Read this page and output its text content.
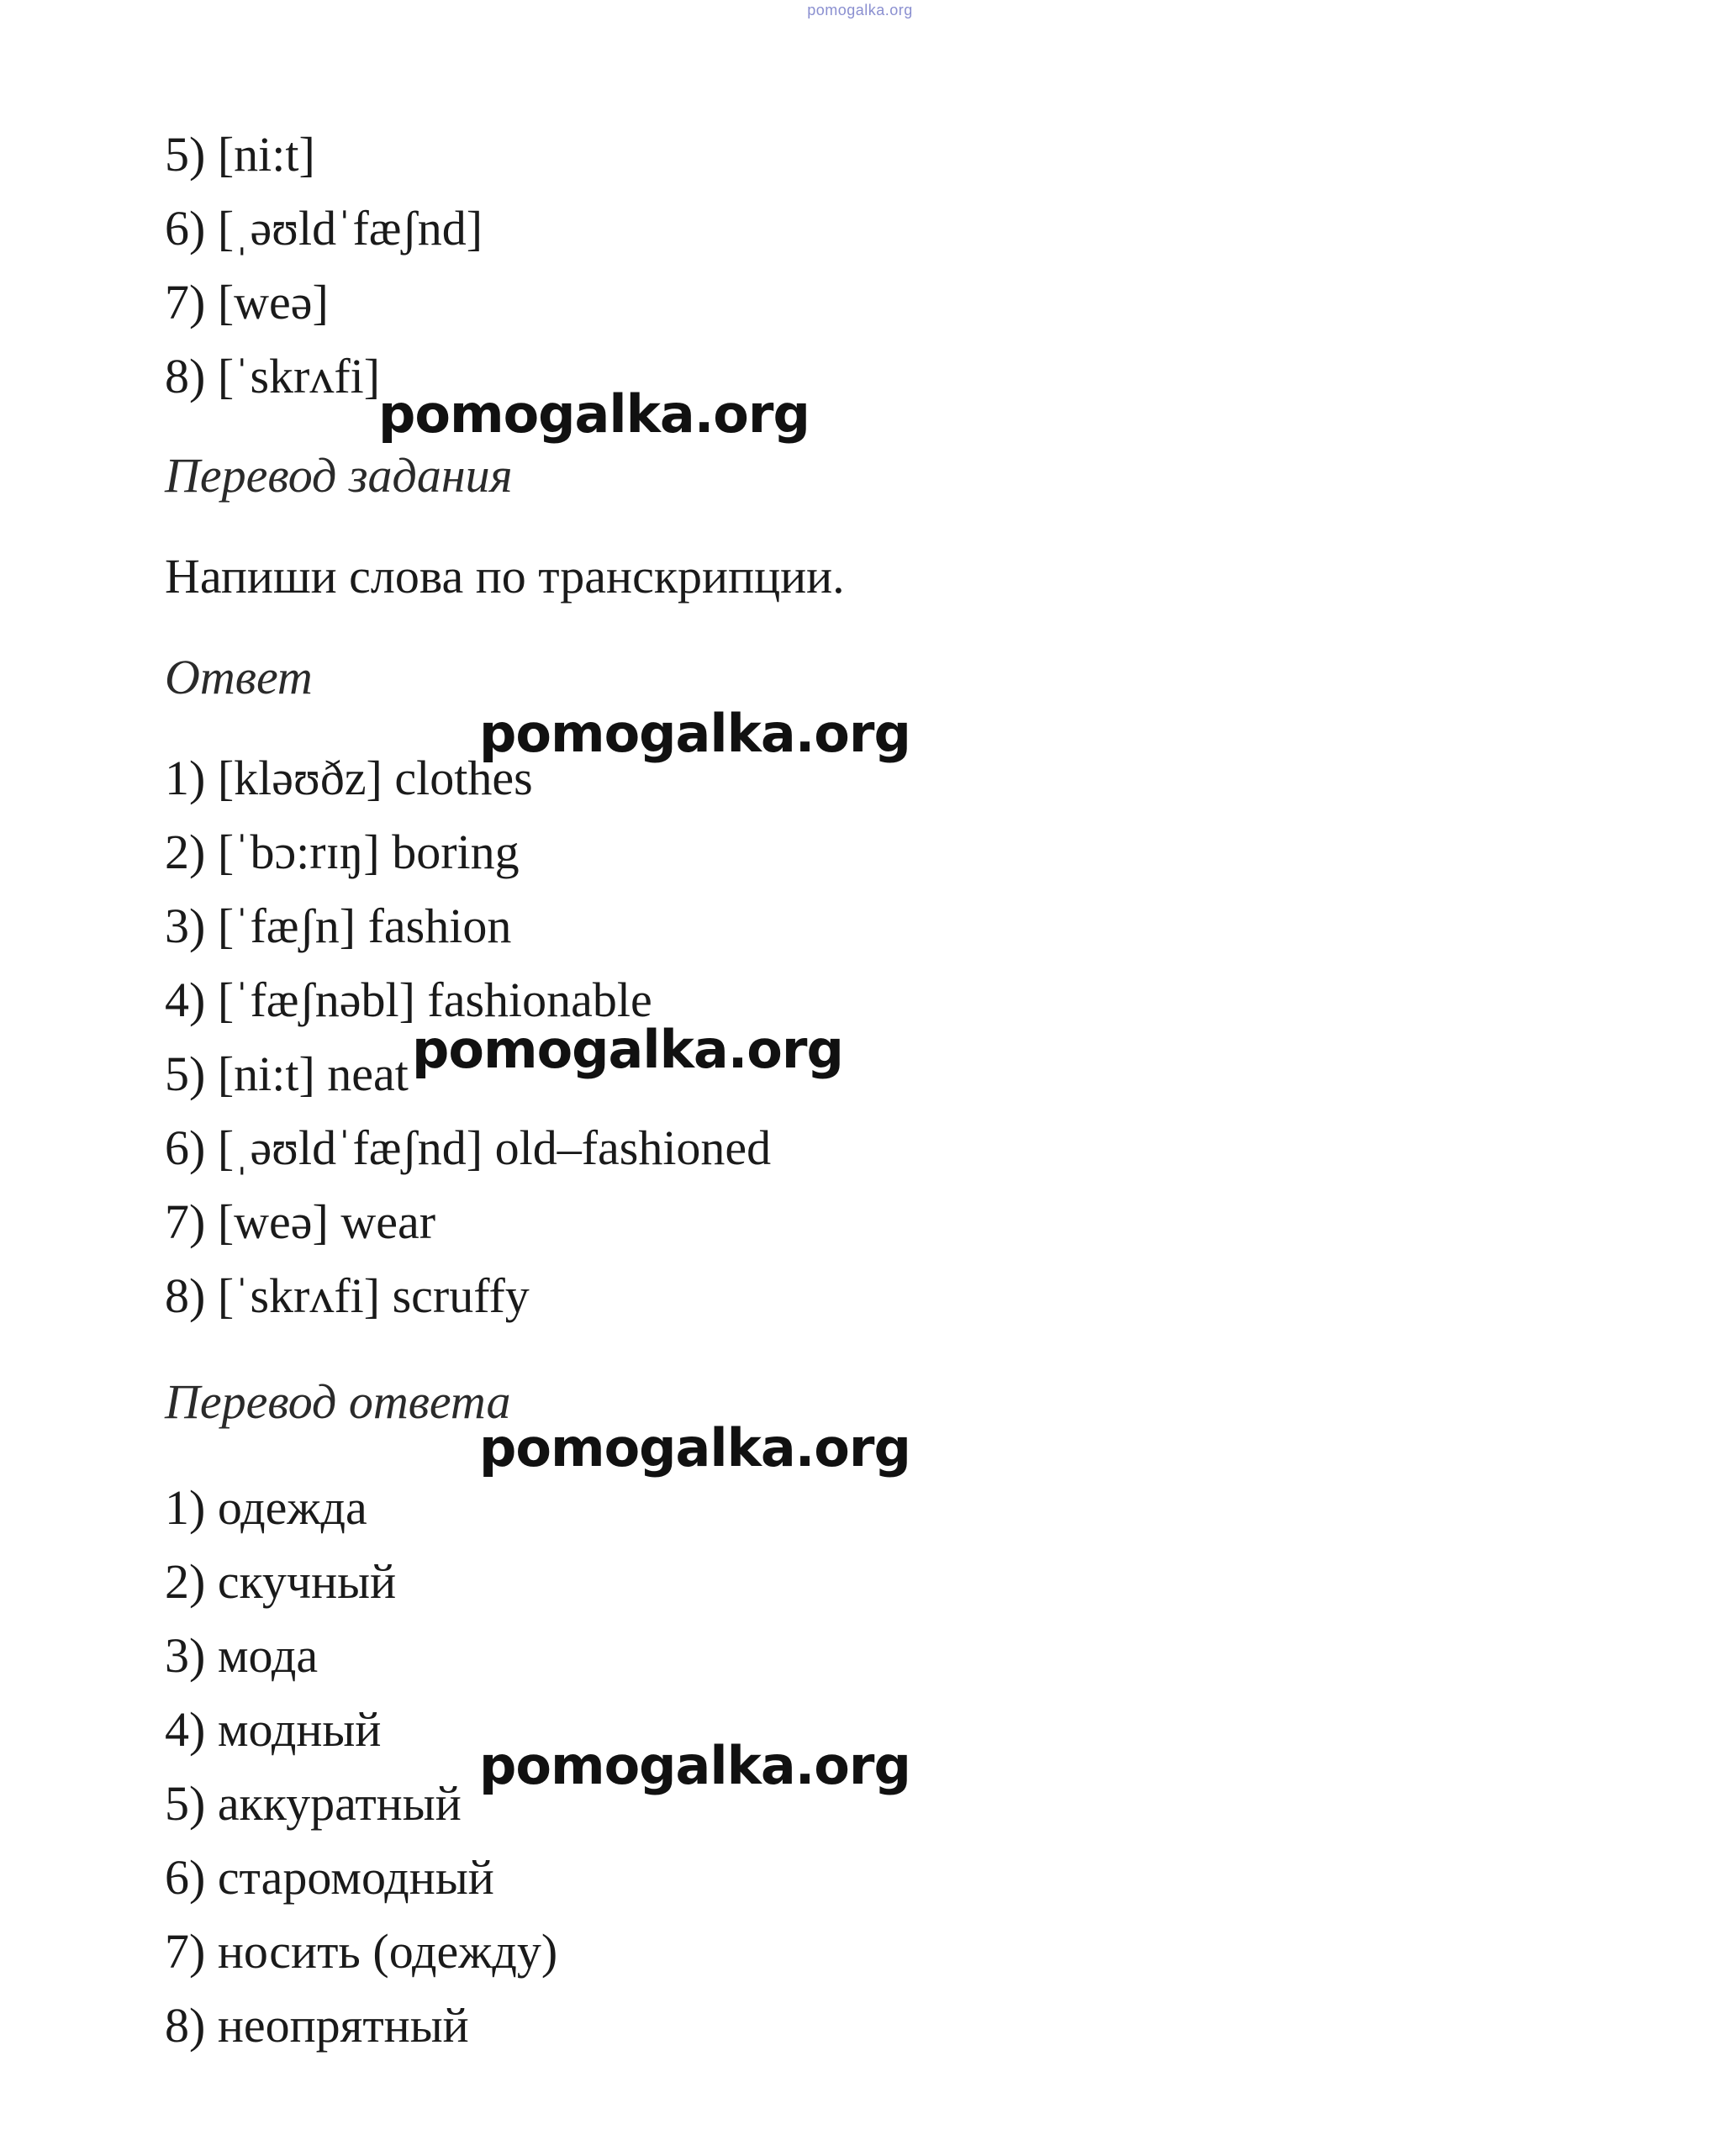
pomogalka.org
5) [ni:t]
6) [ˌəʊldˈfæʃnd]
7) [weə]
8) [ˈskrʌfi]
pomogalka.org
Перевод задания
Напиши слова по транскрипции.
Ответ
pomogalka.org
1) [kləʊðz] clothes
2) [ˈbɔ:rɪŋ] boring
3) [ˈfæʃn] fashion
4) [ˈfæʃnəbl] fashionable
5) [ni:t] neat pomogalka.org
6) [ˌəʊldˈfæʃnd] old–fashioned
7) [weə] wear
8) [ˈskrʌfi] scruffy
Перевод ответа
pomogalka.org
1) одежда
2) скучный
3) мода
4) модный
pomogalka.org
5) аккуратный
6) старомодный
7) носить (одежду)
8) неопрятный
